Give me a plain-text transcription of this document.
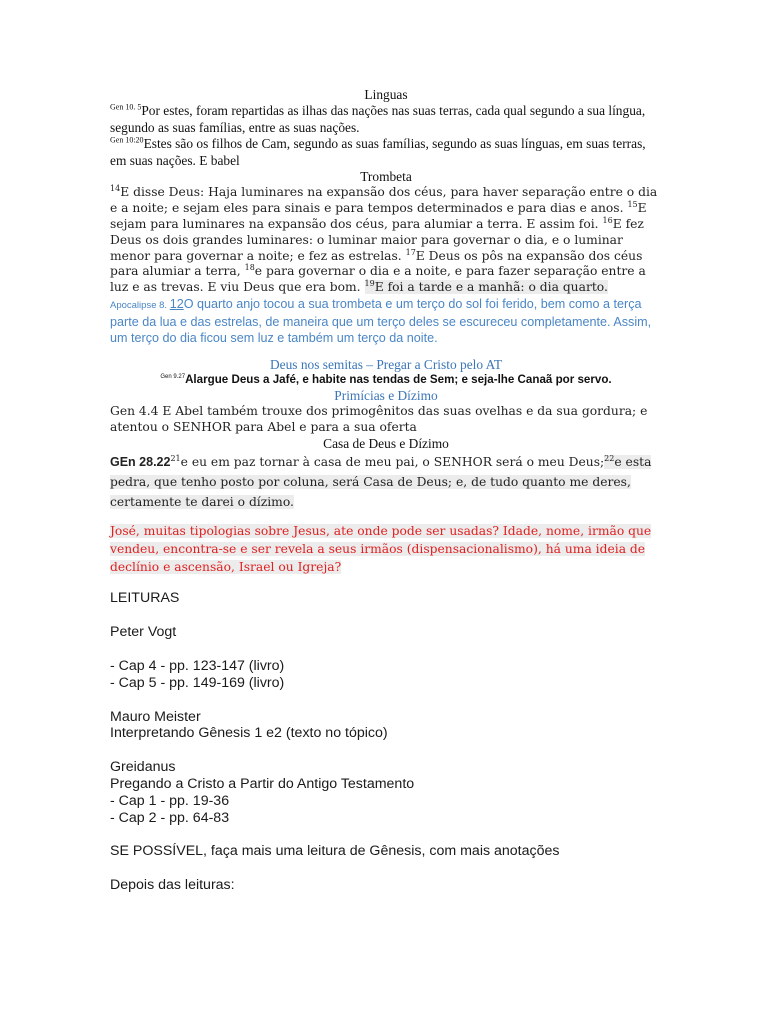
Linguas

$^{Gen 10. 5}$Por estes, foram repartidas as ilhas das nações nas suas terras, cada qual segundo a sua língua, segundo as suas famílias, entre as suas nações.

$^{Gen 10:20}$Estes são os filhos de Cam, segundo as suas famílias, segundo as suas línguas, em suas terras, em suas nações. E babel

Trombeta

$^{14}$E disse Deus: Haja luminares na expansão dos céus, para haver separação entre o dia e a noite; e sejam eles para sinais e para tempos determinados e para dias e anos. $^{15}$E sejam para luminares na expansão dos céus, para alumiar a terra. E assim foi. $^{16}$E fez Deus os dois grandes luminares: o luminar maior para governar o dia, e o luminar menor para governar a noite; e fez as estrelas. $^{17}$E Deus os pôs na expansão dos céus para alumiar a terra, $^{18}$e para governar o dia e a noite, e para fazer separação entre a luz e as trevas. E viu Deus que era bom. $^{19}$E foi a tarde e a manhã: o dia quarto.

Apocalipse 8. 12O quarto anjo tocou a sua trombeta e um terço do sol foi ferido, bem como a terça parte da lua e das estrelas, de maneira que um terço deles se escureceu completamente. Assim, um terço do dia ficou sem luz e também um terço da noite.

Deus nos semitas – Pregar a Cristo pelo AT

$^{Gen 9.27}$Alargue Deus a Jafé, e habite nas tendas de Sem; e seja-lhe Canaã por servo.

Primícias e Dízimo

Gen 4.4 E Abel também trouxe dos primogênitos das suas ovelhas e da sua gordura; e atentou o SENHOR para Abel e para a sua oferta

Casa de Deus e Dízimo

GEn 28.22$^{21}$e eu em paz tornar à casa de meu pai, o SENHOR será o meu Deus;$^{22}$e esta pedra, que tenho posto por coluna, será Casa de Deus; e, de tudo quanto me deres, certamente te darei o dízimo.

José, muitas tipologias sobre Jesus, ate onde pode ser usadas? Idade, nome, irmão que vendeu, encontra-se e ser revela a seus irmãos (dispensacionalismo), há uma ideia de declínio e ascensão, Israel ou Igreja?

LEITURAS

Peter Vogt

- Cap 4 - pp. 123-147 (livro)

- Cap 5 - pp. 149-169 (livro)

Mauro Meister

Interpretando Gênesis 1 e2 (texto no tópico)

Greidanus

Pregando a Cristo a Partir do Antigo Testamento

- Cap 1 - pp. 19-36

- Cap 2 - pp. 64-83

SE POSSÍVEL, faça mais uma leitura de Gênesis, com mais anotações

Depois das leituras:
